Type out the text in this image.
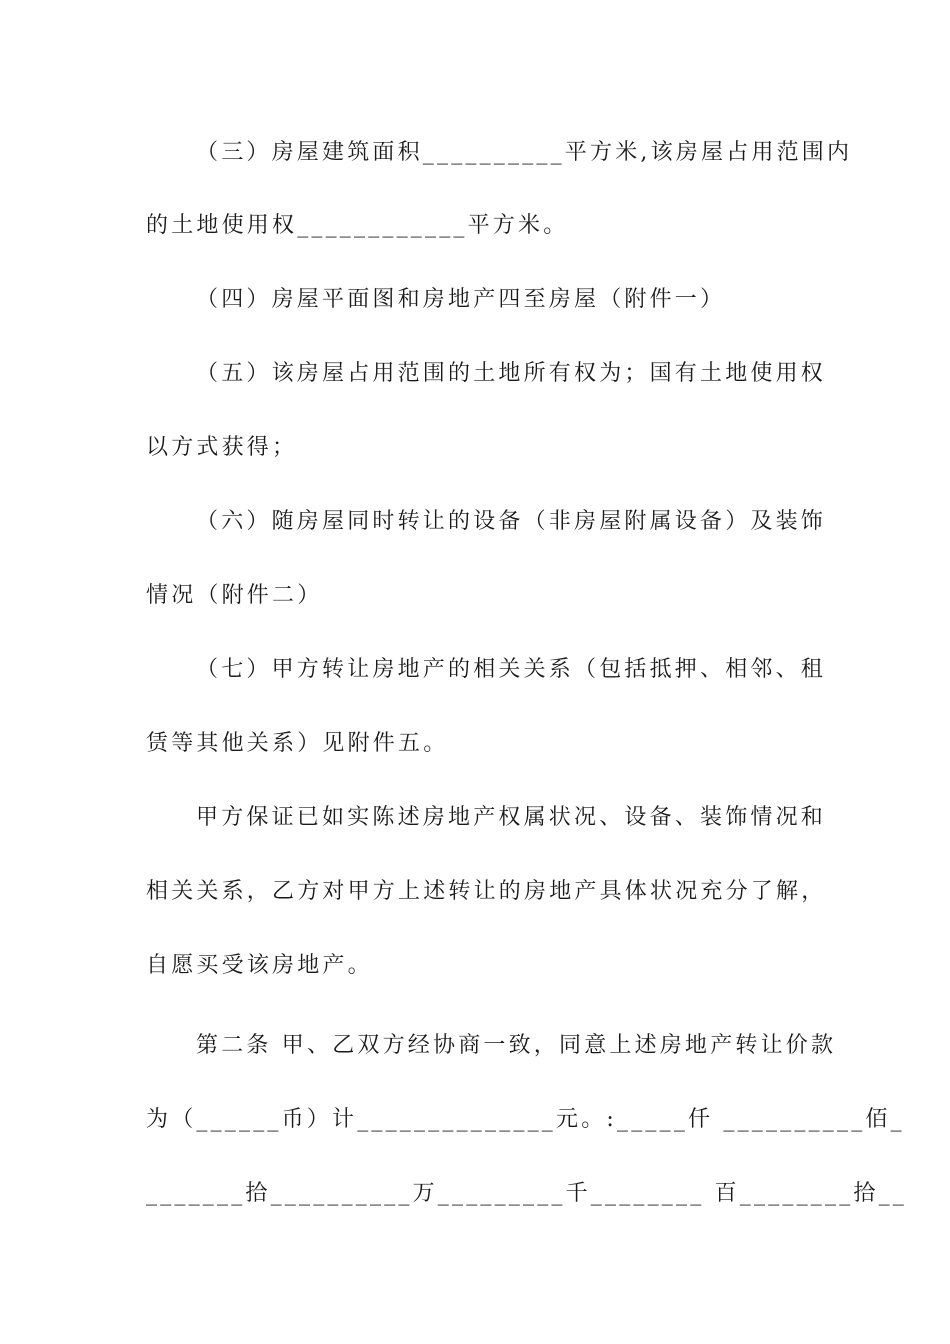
（三）房屋建筑面积__________平方米,该房屋占用范围内
的土地使用权____________平方米。
（四）房屋平面图和房地产四至房屋（附件一）
（五）该房屋占用范围的土地所有权为；国有土地使用权
以方式获得；
（六）随房屋同时转让的设备（非房屋附属设备）及装饰
情况（附件二）
（七）甲方转让房地产的相关关系（包括抵押、相邻、租
赁等其他关系）见附件五。
甲方保证已如实陈述房地产权属状况、设备、装饰情况和
相关关系，乙方对甲方上述转让的房地产具体状况充分了解，
自愿买受该房地产。
第二条 甲、乙双方经协商一致，同意上述房地产转让价款
为（______币）计______________元。:_____仟 __________佰_
_______拾__________万_________千________ 百________拾__
